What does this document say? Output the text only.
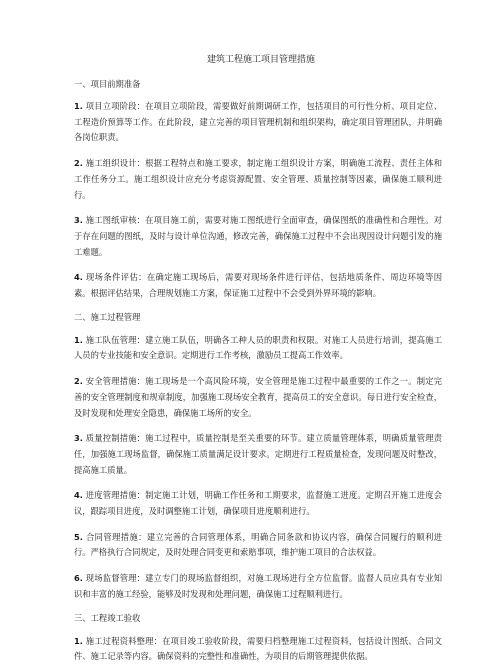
建筑工程施工项目管理措施

一、项目前期准备

1. 项目立项阶段：在项目立项阶段，需要做好前期调研工作，包括项目的可行性分析、项目定位、工程造价预算等工作。在此阶段，建立完善的项目管理机制和组织架构，确定项目管理团队，并明确各岗位职责。

2. 施工组织设计：根据工程特点和施工要求，制定施工组织设计方案，明确施工流程、责任主体和工作任务分工。施工组织设计应充分考虑资源配置、安全管理、质量控制等因素，确保施工顺利进行。

3. 施工图纸审核：在项目施工前，需要对施工图纸进行全面审查，确保图纸的准确性和合理性。对于存在问题的图纸，及时与设计单位沟通，修改完善，确保施工过程中不会出现因设计问题引发的施工难题。

4. 现场条件评估：在确定施工现场后，需要对现场条件进行评估，包括地质条件、周边环境等因素。根据评估结果，合理规划施工方案，保证施工过程中不会受到外界环境的影响。

二、施工过程管理

1. 施工队伍管理：建立施工队伍，明确各工种人员的职责和权限。对施工人员进行培训，提高施工人员的专业技能和安全意识。定期进行工作考核，激励员工提高工作效率。

2. 安全管理措施：施工现场是一个高风险环境，安全管理是施工过程中最重要的工作之一。制定完善的安全管理制度和规章制度，加强施工现场安全教育，提高员工的安全意识。每日进行安全检查，及时发现和处理安全隐患，确保施工场所的安全。

3. 质量控制措施：施工过程中，质量控制是至关重要的环节。建立质量管理体系，明确质量管理责任，加强施工现场监督，确保施工质量满足设计要求。定期进行工程质量检查，发现问题及时整改，提高施工质量。

4. 进度管理措施：制定施工计划，明确工作任务和工期要求，监督施工进度。定期召开施工进度会议，跟踪项目进度，及时调整施工计划，确保项目进度顺利进行。

5. 合同管理措施：建立完善的合同管理体系，明确合同条款和协议内容，确保合同履行的顺利进行。严格执行合同规定，及时处理合同变更和索赔事项，维护施工项目的合法权益。

6. 现场监督管理：建立专门的现场监督组织，对施工现场进行全方位监督。监督人员应具有专业知识和丰富的施工经验，能够及时发现和处理问题，确保施工过程顺利进行。

三、工程竣工验收

1. 施工过程资料整理：在项目竣工验收阶段，需要归档整理施工过程资料，包括设计图纸、合同文件、施工记录等内容。确保资料的完整性和准确性，为项目的后期管理提供依据。
